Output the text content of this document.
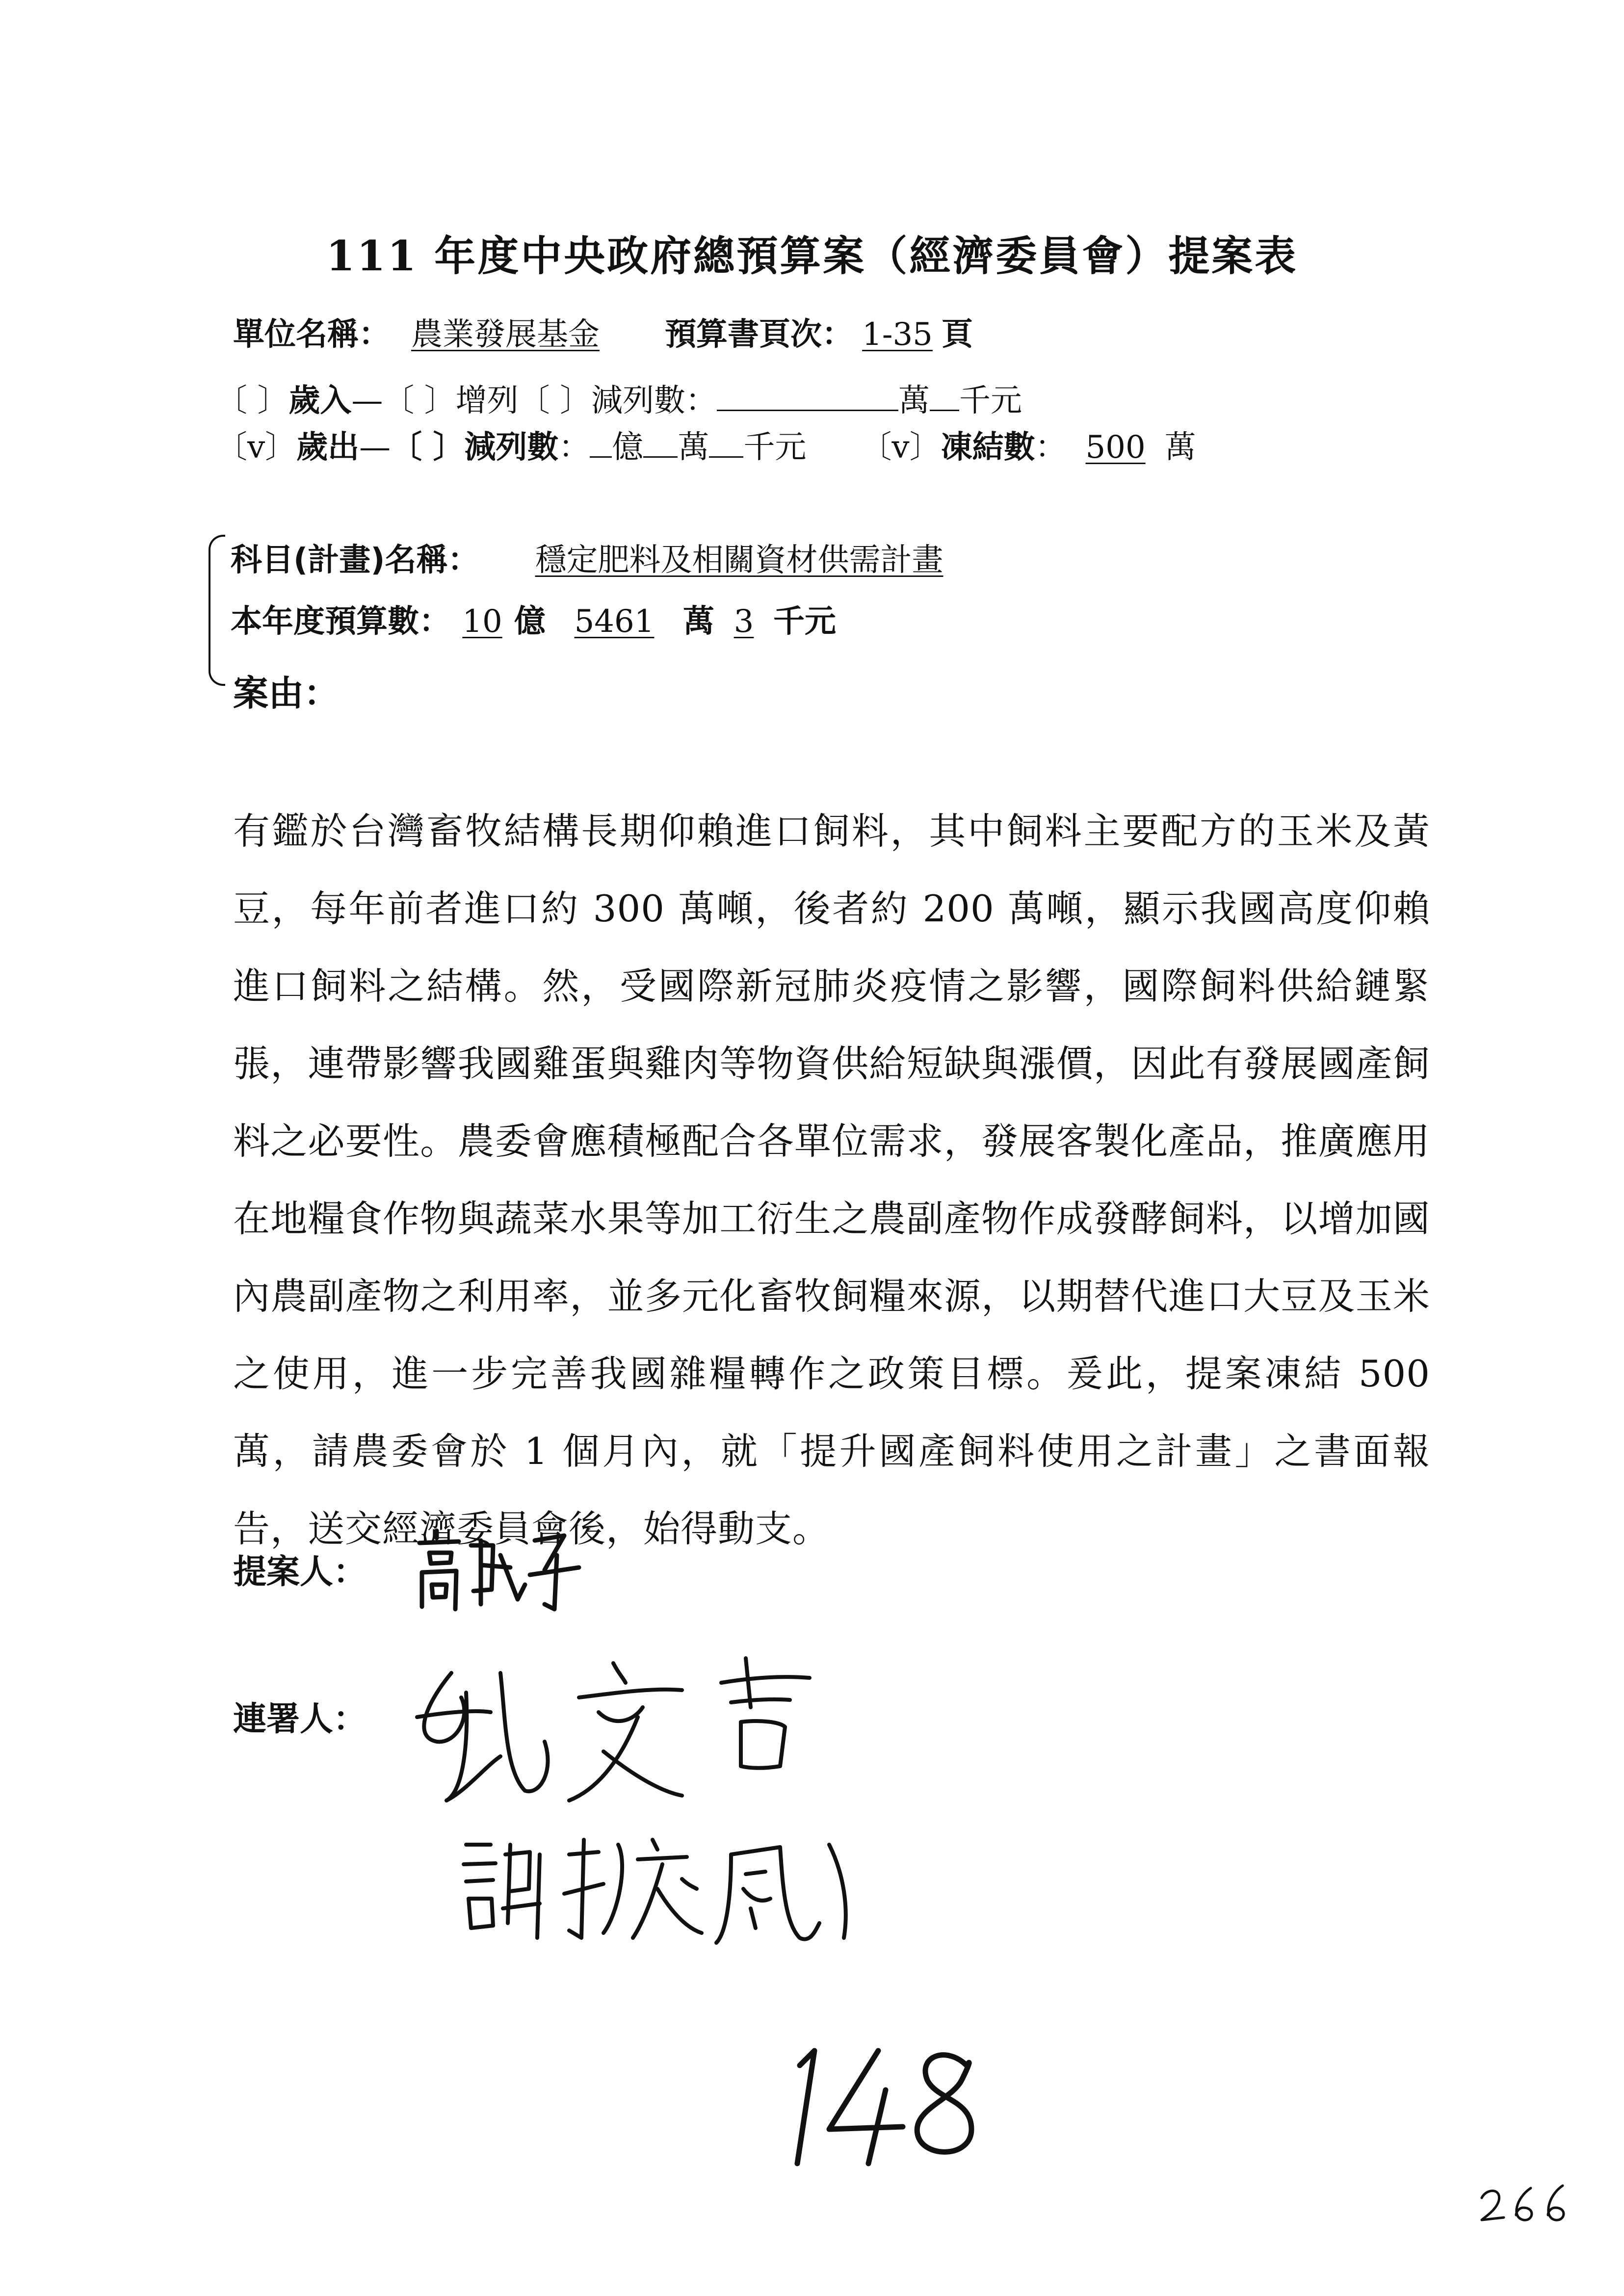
111 年度中央政府總預算案（經濟委員會）提案表
單位名稱： 農業發展基金 預算書頁次： 1-35 頁
〔 〕歲入—〔 〕增列〔 〕減列數：	萬 千元
〔v〕歲出—〔 〕減列數： 億 萬 千元 〔v〕凍結數： 500 萬
科目(計畫)名稱： 穩定肥料及相關資材供需計畫
本年度預算數： 10 億 5461 萬 3 千元
案由：
有鑑於台灣畜牧結構長期仰賴進口飼料，其中飼料主要配方的玉米及黃豆，每年前者進口約 300 萬噸，後者約 200 萬噸，顯示我國高度仰賴進口飼料之結構。然，受國際新冠肺炎疫情之影響，國際飼料供給鏈緊張，連帶影響我國雞蛋與雞肉等物資供給短缺與漲價，因此有發展國產飼料之必要性。農委會應積極配合各單位需求，發展客製化產品，推廣應用在地糧食作物與蔬菜水果等加工衍生之農副產物作成發酵飼料，以增加國內農副產物之利用率，並多元化畜牧飼糧來源，以期替代進口大豆及玉米之使用，進一步完善我國雜糧轉作之政策目標。爰此，提案凍結 500 萬，請農委會於 1 個月內，就「提升國產飼料使用之計畫」之書面報告，送交經濟委員會後，始得動支。
提案人：
連署人：
